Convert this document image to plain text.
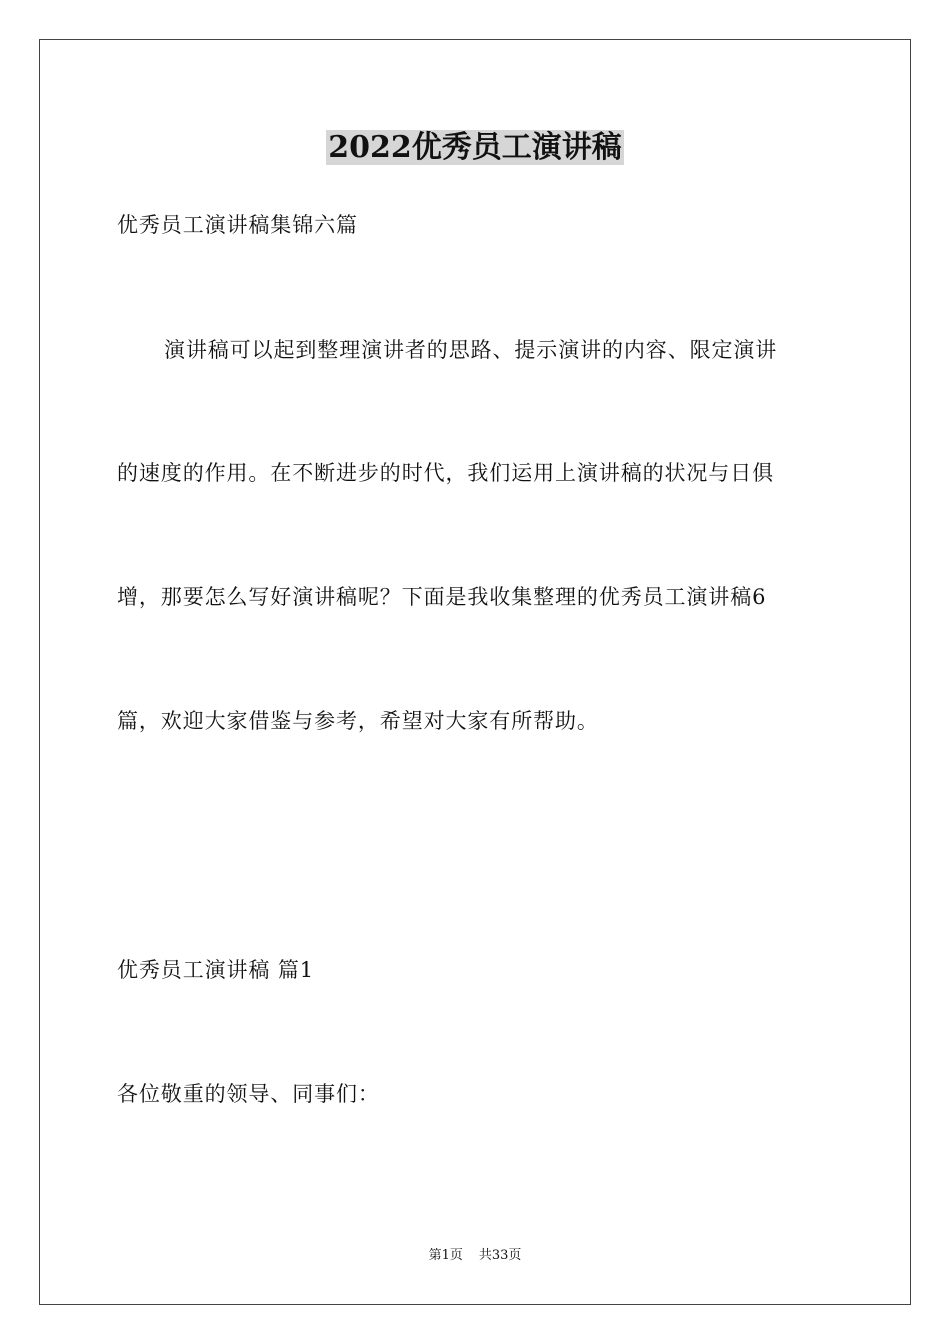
2022优秀员工演讲稿

优秀员工演讲稿集锦六篇

演讲稿可以起到整理演讲者的思路、提示演讲的内容、限定演讲

的速度的作用。在不断进步的时代，我们运用上演讲稿的状况与日俱

增，那要怎么写好演讲稿呢？下面是我收集整理的优秀员工演讲稿6

篇，欢迎大家借鉴与参考，希望对大家有所帮助。

优秀员工演讲稿 篇1

各位敬重的领导、同事们：

第1页 共33页
